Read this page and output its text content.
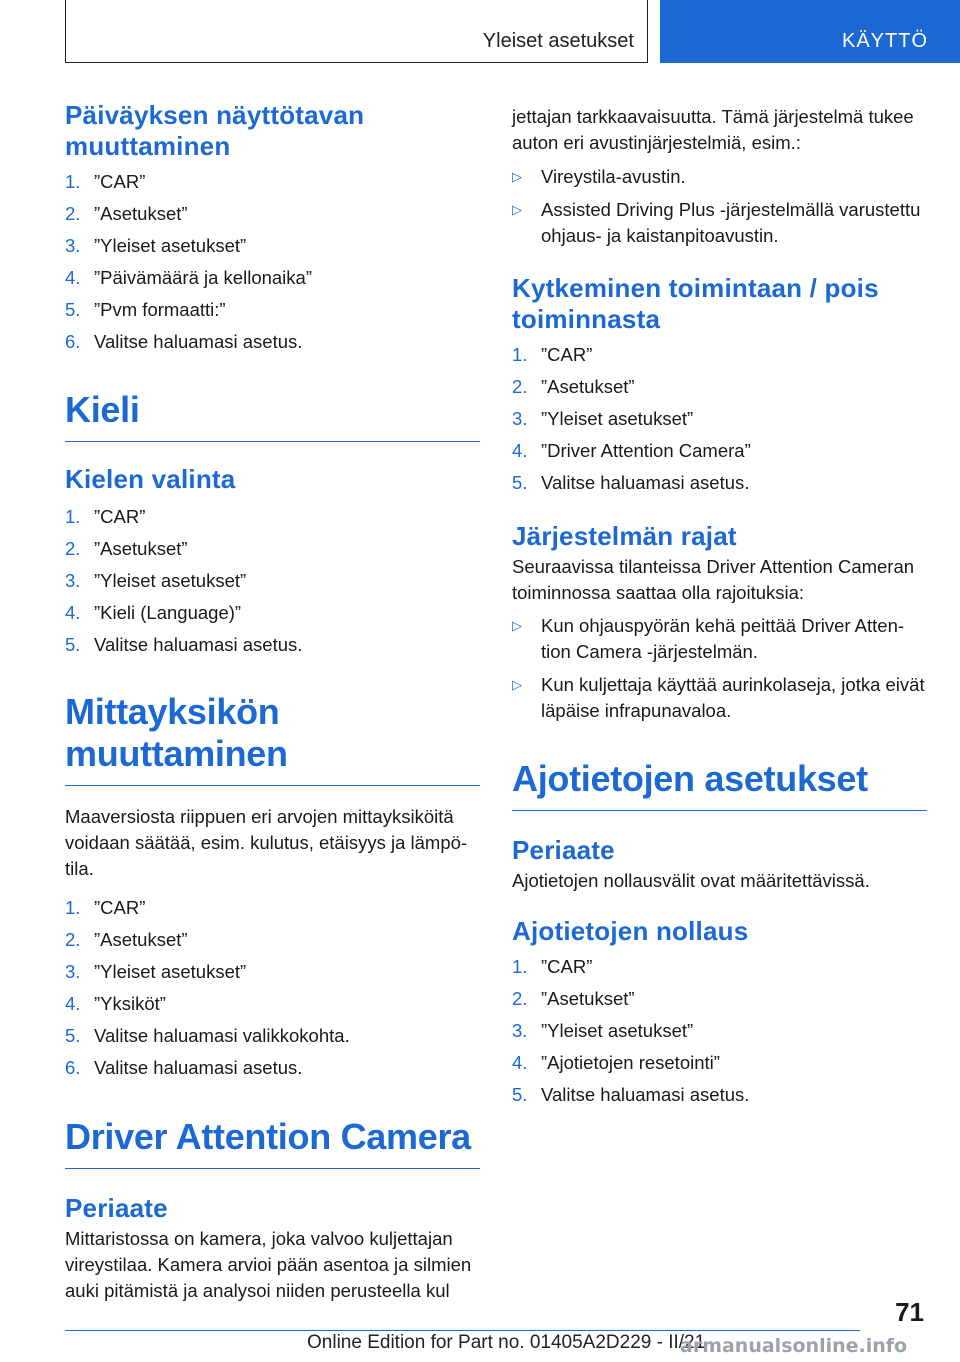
Yleiset asetukset	KÄYTTÖ
Päiväyksen näyttötavan muuttaminen
1. ”CAR”
2. ”Asetukset”
3. ”Yleiset asetukset”
4. ”Päivämäärä ja kellonaika”
5. ”Pvm formaatti:”
6. Valitse haluamasi asetus.
Kieli
Kielen valinta
1. ”CAR”
2. ”Asetukset”
3. ”Yleiset asetukset”
4. ”Kieli (Language)”
5. Valitse haluamasi asetus.
Mittayksikön muuttaminen

Maaversiosta riippuen eri arvojen mittayksiköitä voidaan säätää, esim. kulutus, etäisyys ja lämpötila.

1. ”CAR”
2. ”Asetukset”
3. ”Yleiset asetukset”
4. ”Yksiköt”
5. Valitse haluamasi valikkokohta.
6. Valitse haluamasi asetus.
Driver Attention Camera
Periaate

Mittaristossa on kamera, joka valvoo kuljettajan vireystilaa. Kamera arvioi pään asentoa ja silmien auki pitämistä ja analysoi niiden perusteella kul

jettajan tarkkaavaisuutta. Tämä järjestelmä tukee auton eri avustinjärjestelmiä, esim.:

▷ Vireystila-avustin.
▷ Assisted Driving Plus -järjestelmällä varustettu ohjaus- ja kaistanpitoavustin.
Kytkeminen toimintaan / pois toiminnasta
1. ”CAR”
2. ”Asetukset”
3. ”Yleiset asetukset”
4. ”Driver Attention Camera”
5. Valitse haluamasi asetus.
Järjestelmän rajat

Seuraavissa tilanteissa Driver Attention Cameran toiminnossa saattaa olla rajoituksia:

▷ Kun ohjauspyörän kehä peittää Driver Attention Camera -järjestelmän.
▷ Kun kuljettaja käyttää aurinkolaseja, jotka eivät läpäise infrapunavaloa.
Ajotietojen asetukset
Periaate

Ajotietojen nollausvälit ovat määritettävissä.

Ajotietojen nollaus
1. ”CAR”
2. ”Asetukset”
3. ”Yleiset asetukset”
4. ”Ajotietojen resetointi”
5. Valitse haluamasi asetus.
71
Online Edition for Part no. 01405A2D229 - II/21
armanualsonline.info
